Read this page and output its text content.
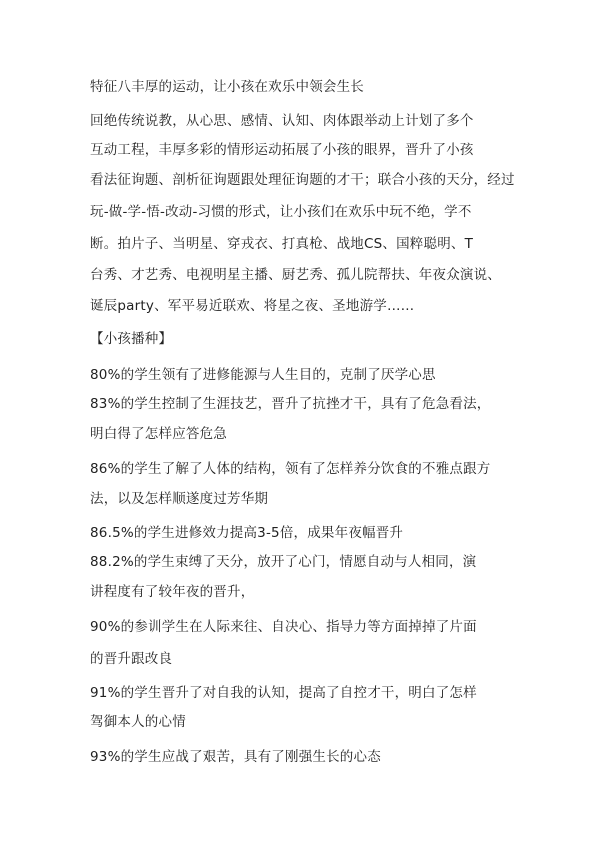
特征八丰厚的运动，让小孩在欢乐中领会生长
回绝传统说教，从心思、感情、认知、肉体跟举动上计划了多个
互动工程，丰厚多彩的情形运动拓展了小孩的眼界，晋升了小孩
看法征询题、剖析征询题跟处理征询题的才干；联合小孩的天分，经过
玩-做-学-悟-改动-习惯的形式，让小孩们在欢乐中玩不绝，学不
断。拍片子、当明星、穿戎衣、打真枪、战地CS、国粹聪明、T
台秀、才艺秀、电视明星主播、厨艺秀、孤儿院帮扶、年夜众演说、
诞辰party、军平易近联欢、将星之夜、圣地游学……
【小孩播种】
80%的学生领有了进修能源与人生目的，克制了厌学心思
83%的学生控制了生涯技艺，晋升了抗挫才干，具有了危急看法，
明白得了怎样应答危急
86%的学生了解了人体的结构，领有了怎样养分饮食的不雅点跟方
法，以及怎样顺遂度过芳华期
86.5%的学生进修效力提高3-5倍，成果年夜幅晋升
88.2%的学生束缚了天分，放开了心门，情愿自动与人相同，演
讲程度有了较年夜的晋升，
90%的参训学生在人际来往、自决心、指导力等方面掉掉了片面
的晋升跟改良
91%的学生晋升了对自我的认知，提高了自控才干，明白了怎样
驾御本人的心情
93%的学生应战了艰苦，具有了刚强生长的心态
